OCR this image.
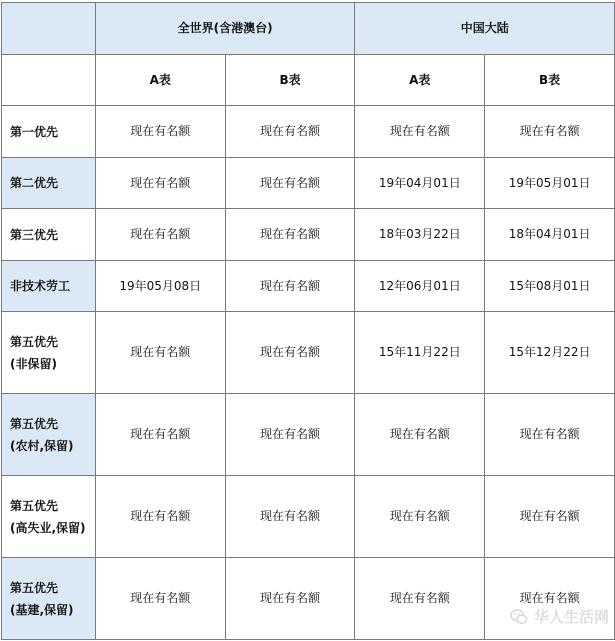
	全世界(含港澳台)		中国大陆	
	A表	B表	A表	B表

第一优先	现在有名额	现在有名额	现在有名额	现在有名额

第二优先	现在有名额	现在有名额	19年04月01日	19年05月01日

第三优先	现在有名额	现在有名额	18年03月22日	18年04月01日

非技术劳工	19年05月08日	现在有名额	12年06月01日	15年08月01日

第五优先
(非保留)	现在有名额	现在有名额	15年11月22日	15年12月22日

第五优先
(农村,保留)	现在有名额	现在有名额	现在有名额	现在有名额

第五优先
(高失业,保留)	现在有名额	现在有名额	现在有名额	现在有名额

第五优先
(基建,保留)	现在有名额	现在有名额	现在有名额	现在有名额
华人生活网
